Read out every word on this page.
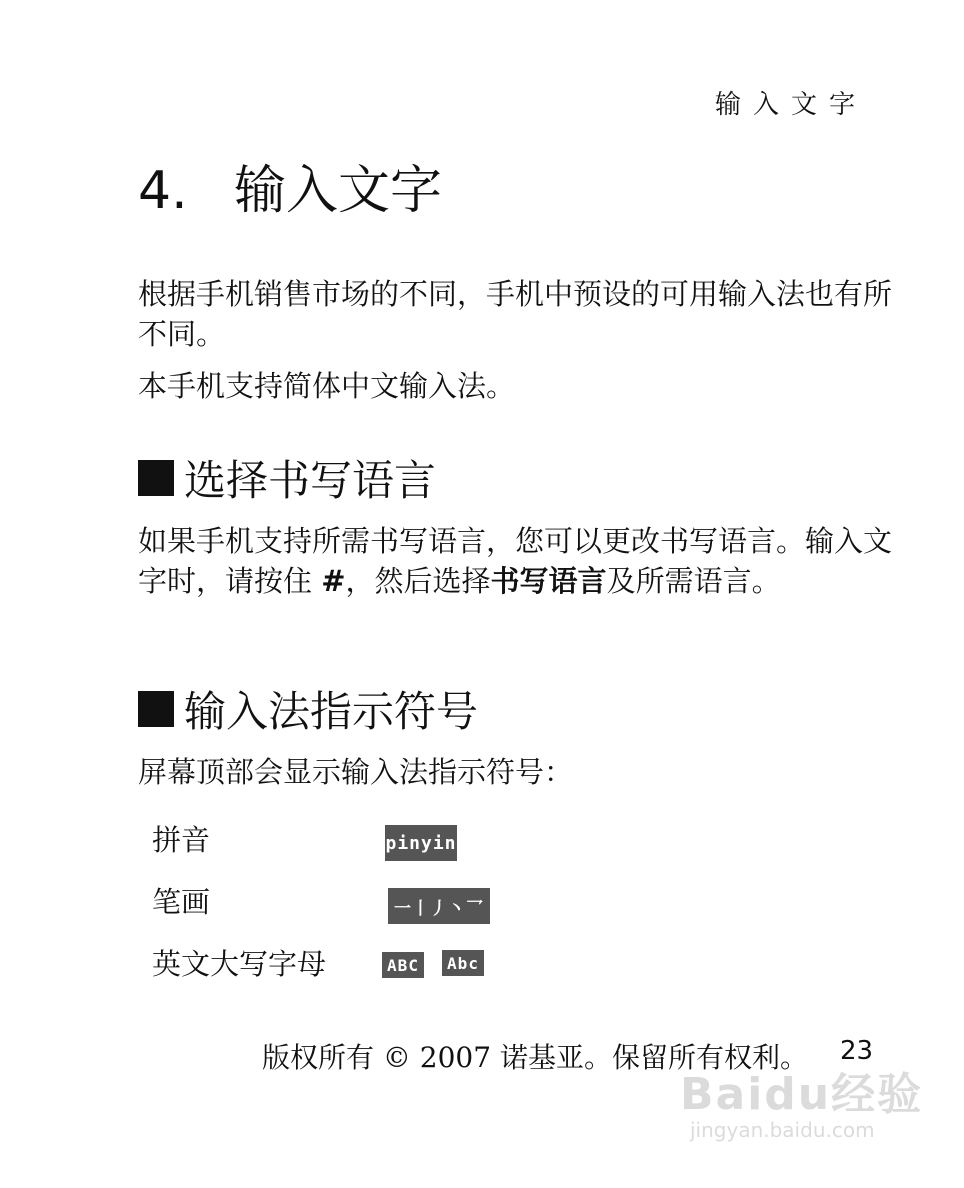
输入文字
4. 输入文字
根据手机销售市场的不同，手机中预设的可用输入法也有所不同。
本手机支持简体中文输入法。
选择书写语言
如果手机支持所需书写语言，您可以更改书写语言。输入文字时，请按住 #，然后选择书写语言及所需语言。
输入法指示符号
屏幕顶部会显示输入法指示符号：
拼音	pinyin
笔画	一丨丿丶乛
英文大写字母	ABC	Abc
版权所有 © 2007 诺基亚。保留所有权利。 23
Baidu经验
jingyan.baidu.com
